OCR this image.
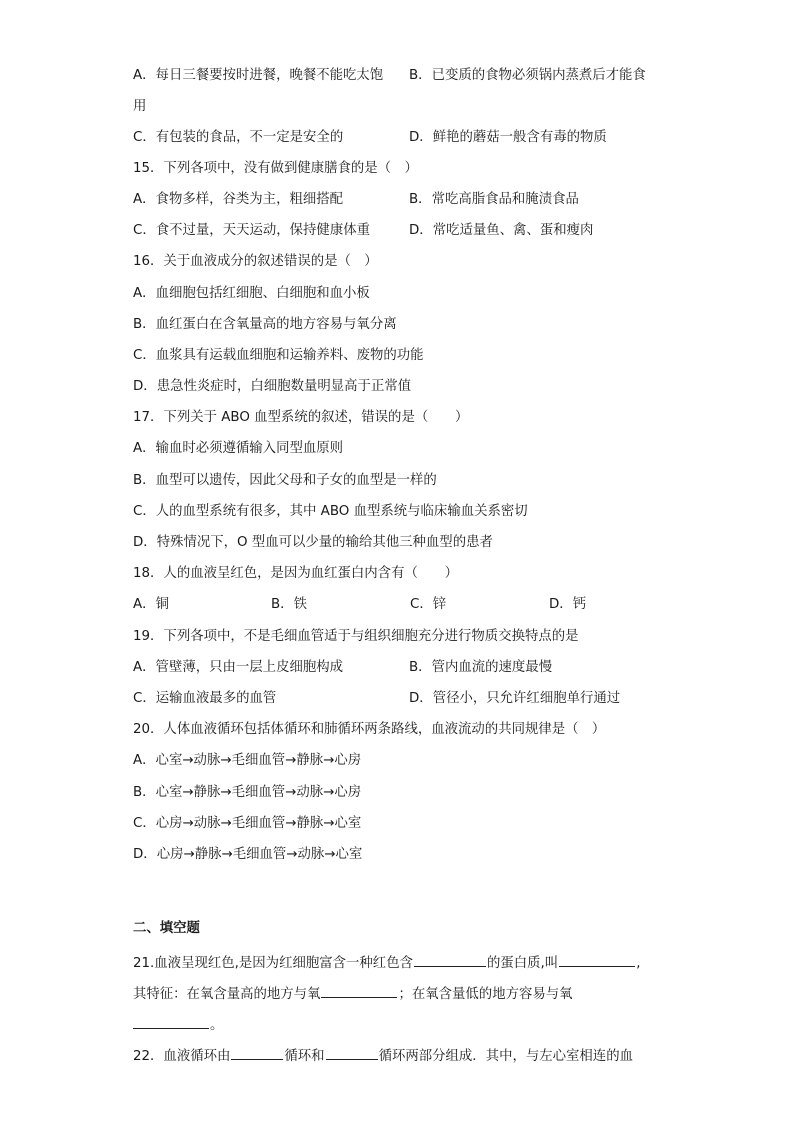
A．每日三餐要按时进餐，晚餐不能吃太饱 B．已变质的食物必须锅内蒸煮后才能食
用
C．有包装的食品，不一定是安全的	D．鲜艳的蘑菇一般含有毒的物质
15．下列各项中，没有做到健康膳食的是（　）
A．食物多样，谷类为主，粗细搭配	B．常吃高脂食品和腌渍食品
C．食不过量，天天运动，保持健康体重	D．常吃适量鱼、禽、蛋和瘦肉
16．关于血液成分的叙述错误的是（　）
A．血细胞包括红细胞、白细胞和血小板
B．血红蛋白在含氧量高的地方容易与氧分离
C．血浆具有运载血细胞和运输养料、废物的功能
D．患急性炎症时，白细胞数量明显高于正常值
17．下列关于 ABO 血型系统的叙述，错误的是（　　）
A．输血时必须遵循输入同型血原则
B．血型可以遗传，因此父母和子女的血型是一样的
C．人的血型系统有很多，其中 ABO 血型系统与临床输血关系密切
D．特殊情况下，O 型血可以少量的输给其他三种血型的患者
18．人的血液呈红色，是因为血红蛋白内含有（　　）
A．铜	B．铁	C．锌	D．钙
19．下列各项中，不是毛细血管适于与组织细胞充分进行物质交换特点的是
A．管壁薄，只由一层上皮细胞构成	B．管内血流的速度最慢
C．运输血液最多的血管	D．管径小，只允许红细胞单行通过
20．人体血液循环包括体循环和肺循环两条路线，血液流动的共同规律是（　）
A．心室→动脉→毛细血管→静脉→心房
B．心室→静脉→毛细血管→动脉→心房
C．心房→动脉→毛细血管→静脉→心室
D．心房→静脉→毛细血管→动脉→心室
二、填空题
21.血液呈现红色,是因为红细胞富含一种红色含	的蛋白质,叫	,
其特征：在氧含量高的地方与氧	；在氧含量低的地方容易与氧
。
22．血液循环由	循环和	循环两部分组成．其中，与左心室相连的血
